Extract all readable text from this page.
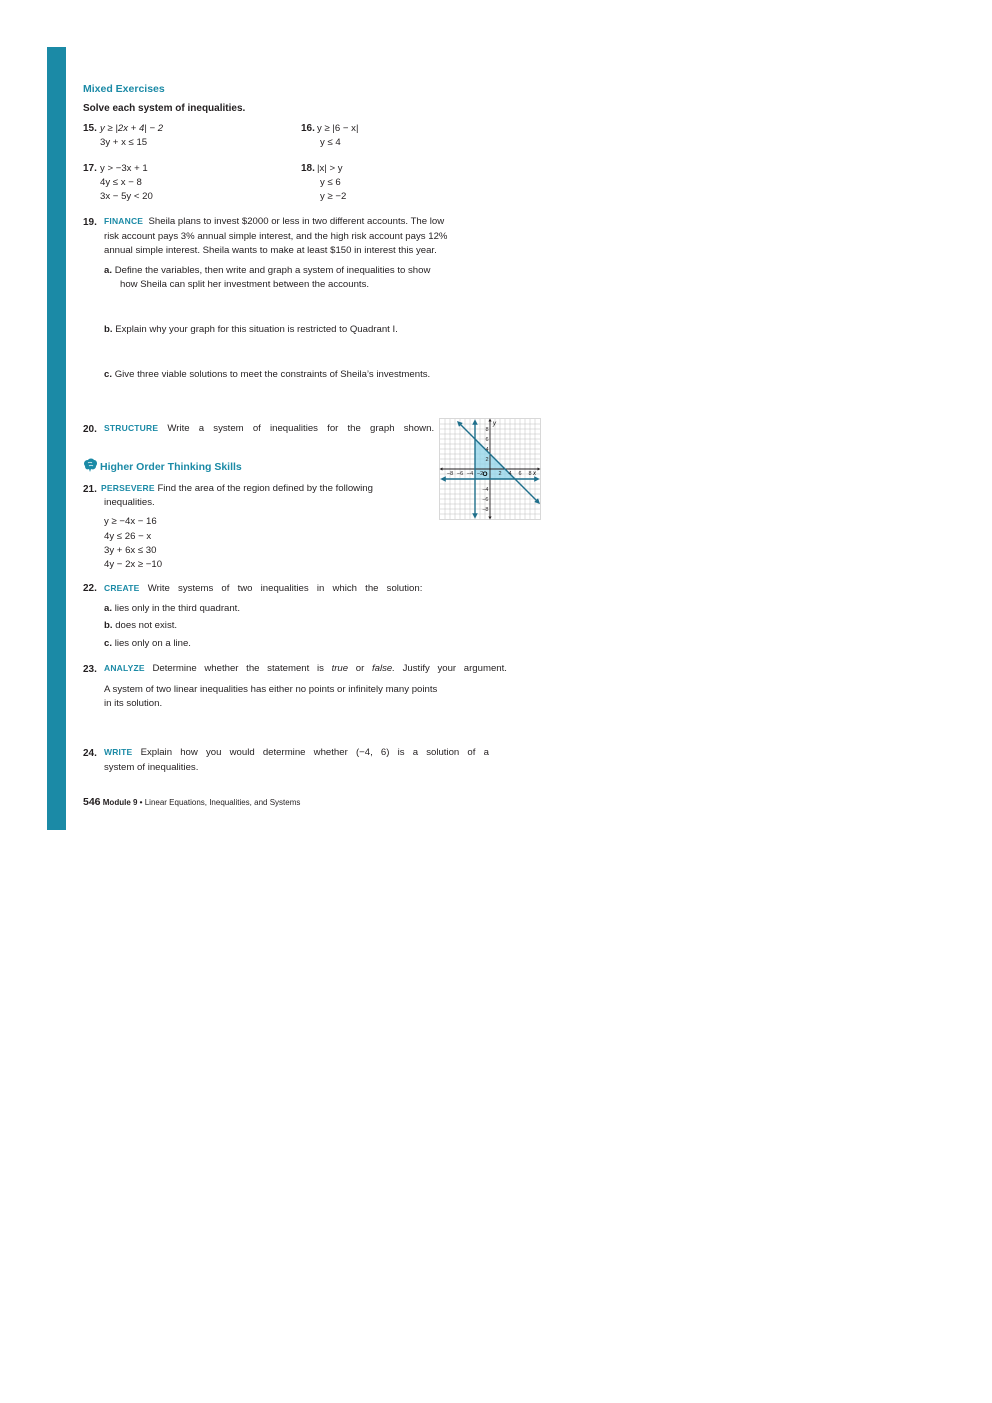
Mixed Exercises
Solve each system of inequalities.
15. y ≥ |2x + 4| − 2
3y + x ≤ 15
16. y ≥ |6 − x|
y ≤ 4
17. y > −3x + 1
4y ≤ x − 8
3x − 5y < 20
18. |x| > y
y ≤ 6
y ≥ −2
19. FINANCE Sheila plans to invest $2000 or less in two different accounts. The low
risk account pays 3% annual simple interest, and the high risk account pays 12%
annual simple interest. Sheila wants to make at least $150 in interest this year.
a. Define the variables, then write and graph a system of inequalities to show
how Sheila can split her investment between the accounts.
b. Explain why your graph for this situation is restricted to Quadrant I.
c. Give three viable solutions to meet the constraints of Sheila’s investments.
20. STRUCTURE Write a system of inequalities for the graph shown.
−8 −6 −4 −2	2 4 6 8
8
6
4
2
−4
−6
−8
x
y
O
Higher Order Thinking Skills
21. PERSEVERE Find the area of the region defined by the following
inequalities.
y ≥ −4x − 16
4y ≤ 26 − x
3y + 6x ≤ 30
4y − 2x ≥ −10
22. CREATE Write systems of two inequalities in which the solution:
a. lies only in the third quadrant.
b. does not exist.
c. lies only on a line.
23. ANALYZE Determine whether the statement is true or false. Justify your argument.
A system of two linear inequalities has either no points or infinitely many points
in its solution.
24. WRITE Explain how you would determine whether (−4, 6) is a solution of a
system of inequalities.
546 Module 9 • Linear Equations, Inequalities, and Systems
